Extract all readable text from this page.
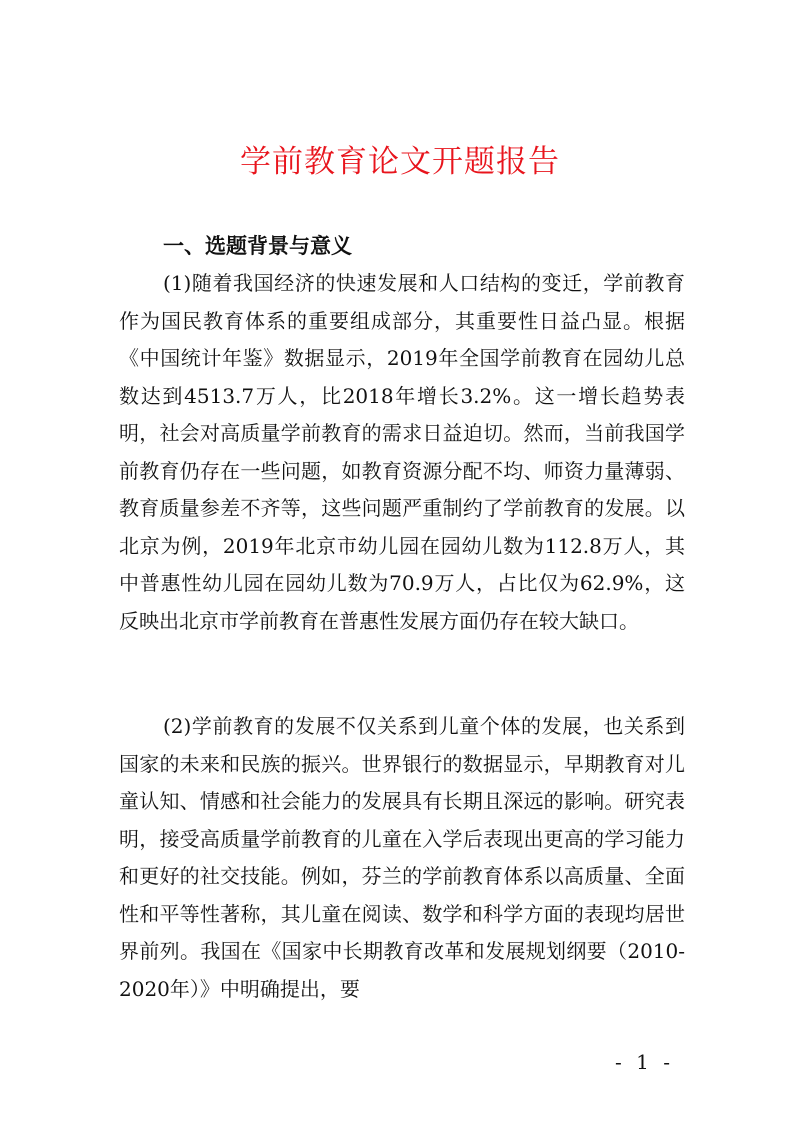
学前教育论文开题报告
一、选题背景与意义

(1)随着我国经济的快速发展和人口结构的变迁，学前教育作为国民教育体系的重要组成部分，其重要性日益凸显。根据《中国统计年鉴》数据显示，2019年全国学前教育在园幼儿总数达到4513.7万人，比2018年增长3.2%。这一增长趋势表明，社会对高质量学前教育的需求日益迫切。然而，当前我国学前教育仍存在一些问题，如教育资源分配不均、师资力量薄弱、教育质量参差不齐等，这些问题严重制约了学前教育的发展。以北京为例，2019年北京市幼儿园在园幼儿数为112.8万人，其中普惠性幼儿园在园幼儿数为70.9万人，占比仅为62.9%，这反映出北京市学前教育在普惠性发展方面仍存在较大缺口。

(2)学前教育的发展不仅关系到儿童个体的发展，也关系到国家的未来和民族的振兴。世界银行的数据显示，早期教育对儿童认知、情感和社会能力的发展具有长期且深远的影响。研究表明，接受高质量学前教育的儿童在入学后表现出更高的学习能力和更好的社交技能。例如，芬兰的学前教育体系以高质量、全面性和平等性著称，其儿童在阅读、数学和科学方面的表现均居世界前列。我国在《国家中长期教育改革和发展规划纲要（2010-2020年）》中明确提出，要

- 1 -
